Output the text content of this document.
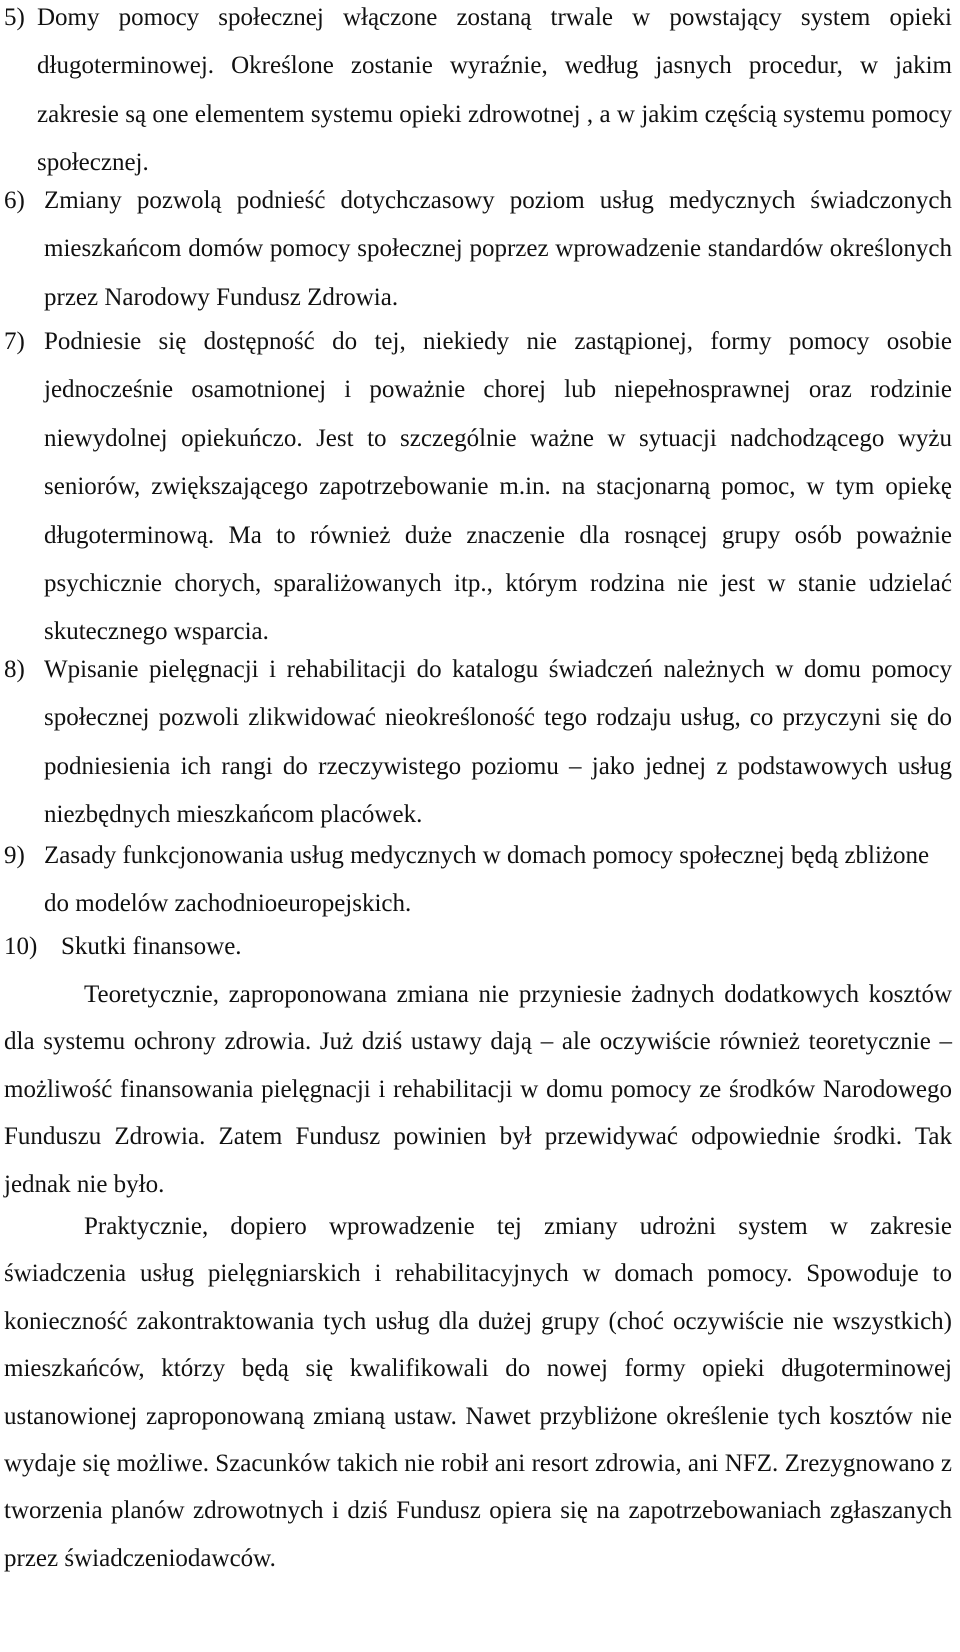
5) Domy pomocy społecznej włączone zostaną trwale w powstający system opieki długoterminowej. Określone zostanie wyraźnie, według jasnych procedur, w jakim zakresie są one elementem systemu opieki zdrowotnej , a w jakim częścią systemu pomocy społecznej.
6) Zmiany pozwolą podnieść dotychczasowy poziom usług medycznych świadczonych mieszkańcom domów pomocy społecznej poprzez wprowadzenie standardów określonych przez Narodowy Fundusz Zdrowia.
7) Podniesie się dostępność do tej, niekiedy nie zastąpionej, formy pomocy osobie jednocześnie osamotnionej i poważnie chorej lub niepełnosprawnej oraz rodzinie niewydolnej opiekuńczo. Jest to szczególnie ważne w sytuacji nadchodzącego wyżu seniorów, zwiększającego zapotrzebowanie m.in. na stacjonarną pomoc, w tym opiekę długoterminową. Ma to również duże znaczenie dla rosnącej grupy osób poważnie psychicznie chorych, sparaliżowanych itp., którym rodzina nie jest w stanie udzielać skutecznego wsparcia.
8) Wpisanie pielęgnacji i rehabilitacji do katalogu świadczeń należnych w domu pomocy społecznej pozwoli zlikwidować nieokreśloność tego rodzaju usług, co przyczyni się do podniesienia ich rangi do rzeczywistego poziomu – jako jednej z podstawowych usług niezbędnych mieszkańcom placówek.
9) Zasady funkcjonowania usług medycznych w domach pomocy społecznej będą zbliżone do modelów zachodnioeuropejskich.
10) Skutki finansowe.
Teoretycznie, zaproponowana zmiana nie przyniesie żadnych dodatkowych kosztów dla systemu ochrony zdrowia. Już dziś ustawy dają – ale oczywiście również teoretycznie – możliwość finansowania pielęgnacji i rehabilitacji w domu pomocy ze środków Narodowego Funduszu Zdrowia. Zatem Fundusz powinien był przewidywać odpowiednie środki. Tak jednak nie było.
Praktycznie, dopiero wprowadzenie tej zmiany udrożni system w zakresie świadczenia usług pielęgniarskich i rehabilitacyjnych w domach pomocy. Spowoduje to konieczność zakontraktowania tych usług dla dużej grupy (choć oczywiście nie wszystkich) mieszkańców, którzy będą się kwalifikowali do nowej formy opieki długoterminowej ustanowionej zaproponowaną zmianą ustaw. Nawet przybliżone określenie tych kosztów nie wydaje się możliwe. Szacunków takich nie robił ani resort zdrowia, ani NFZ. Zrezygnowano z tworzenia planów zdrowotnych i dziś Fundusz opiera się na zapotrzebowaniach zgłaszanych przez świadczeniodawców.
